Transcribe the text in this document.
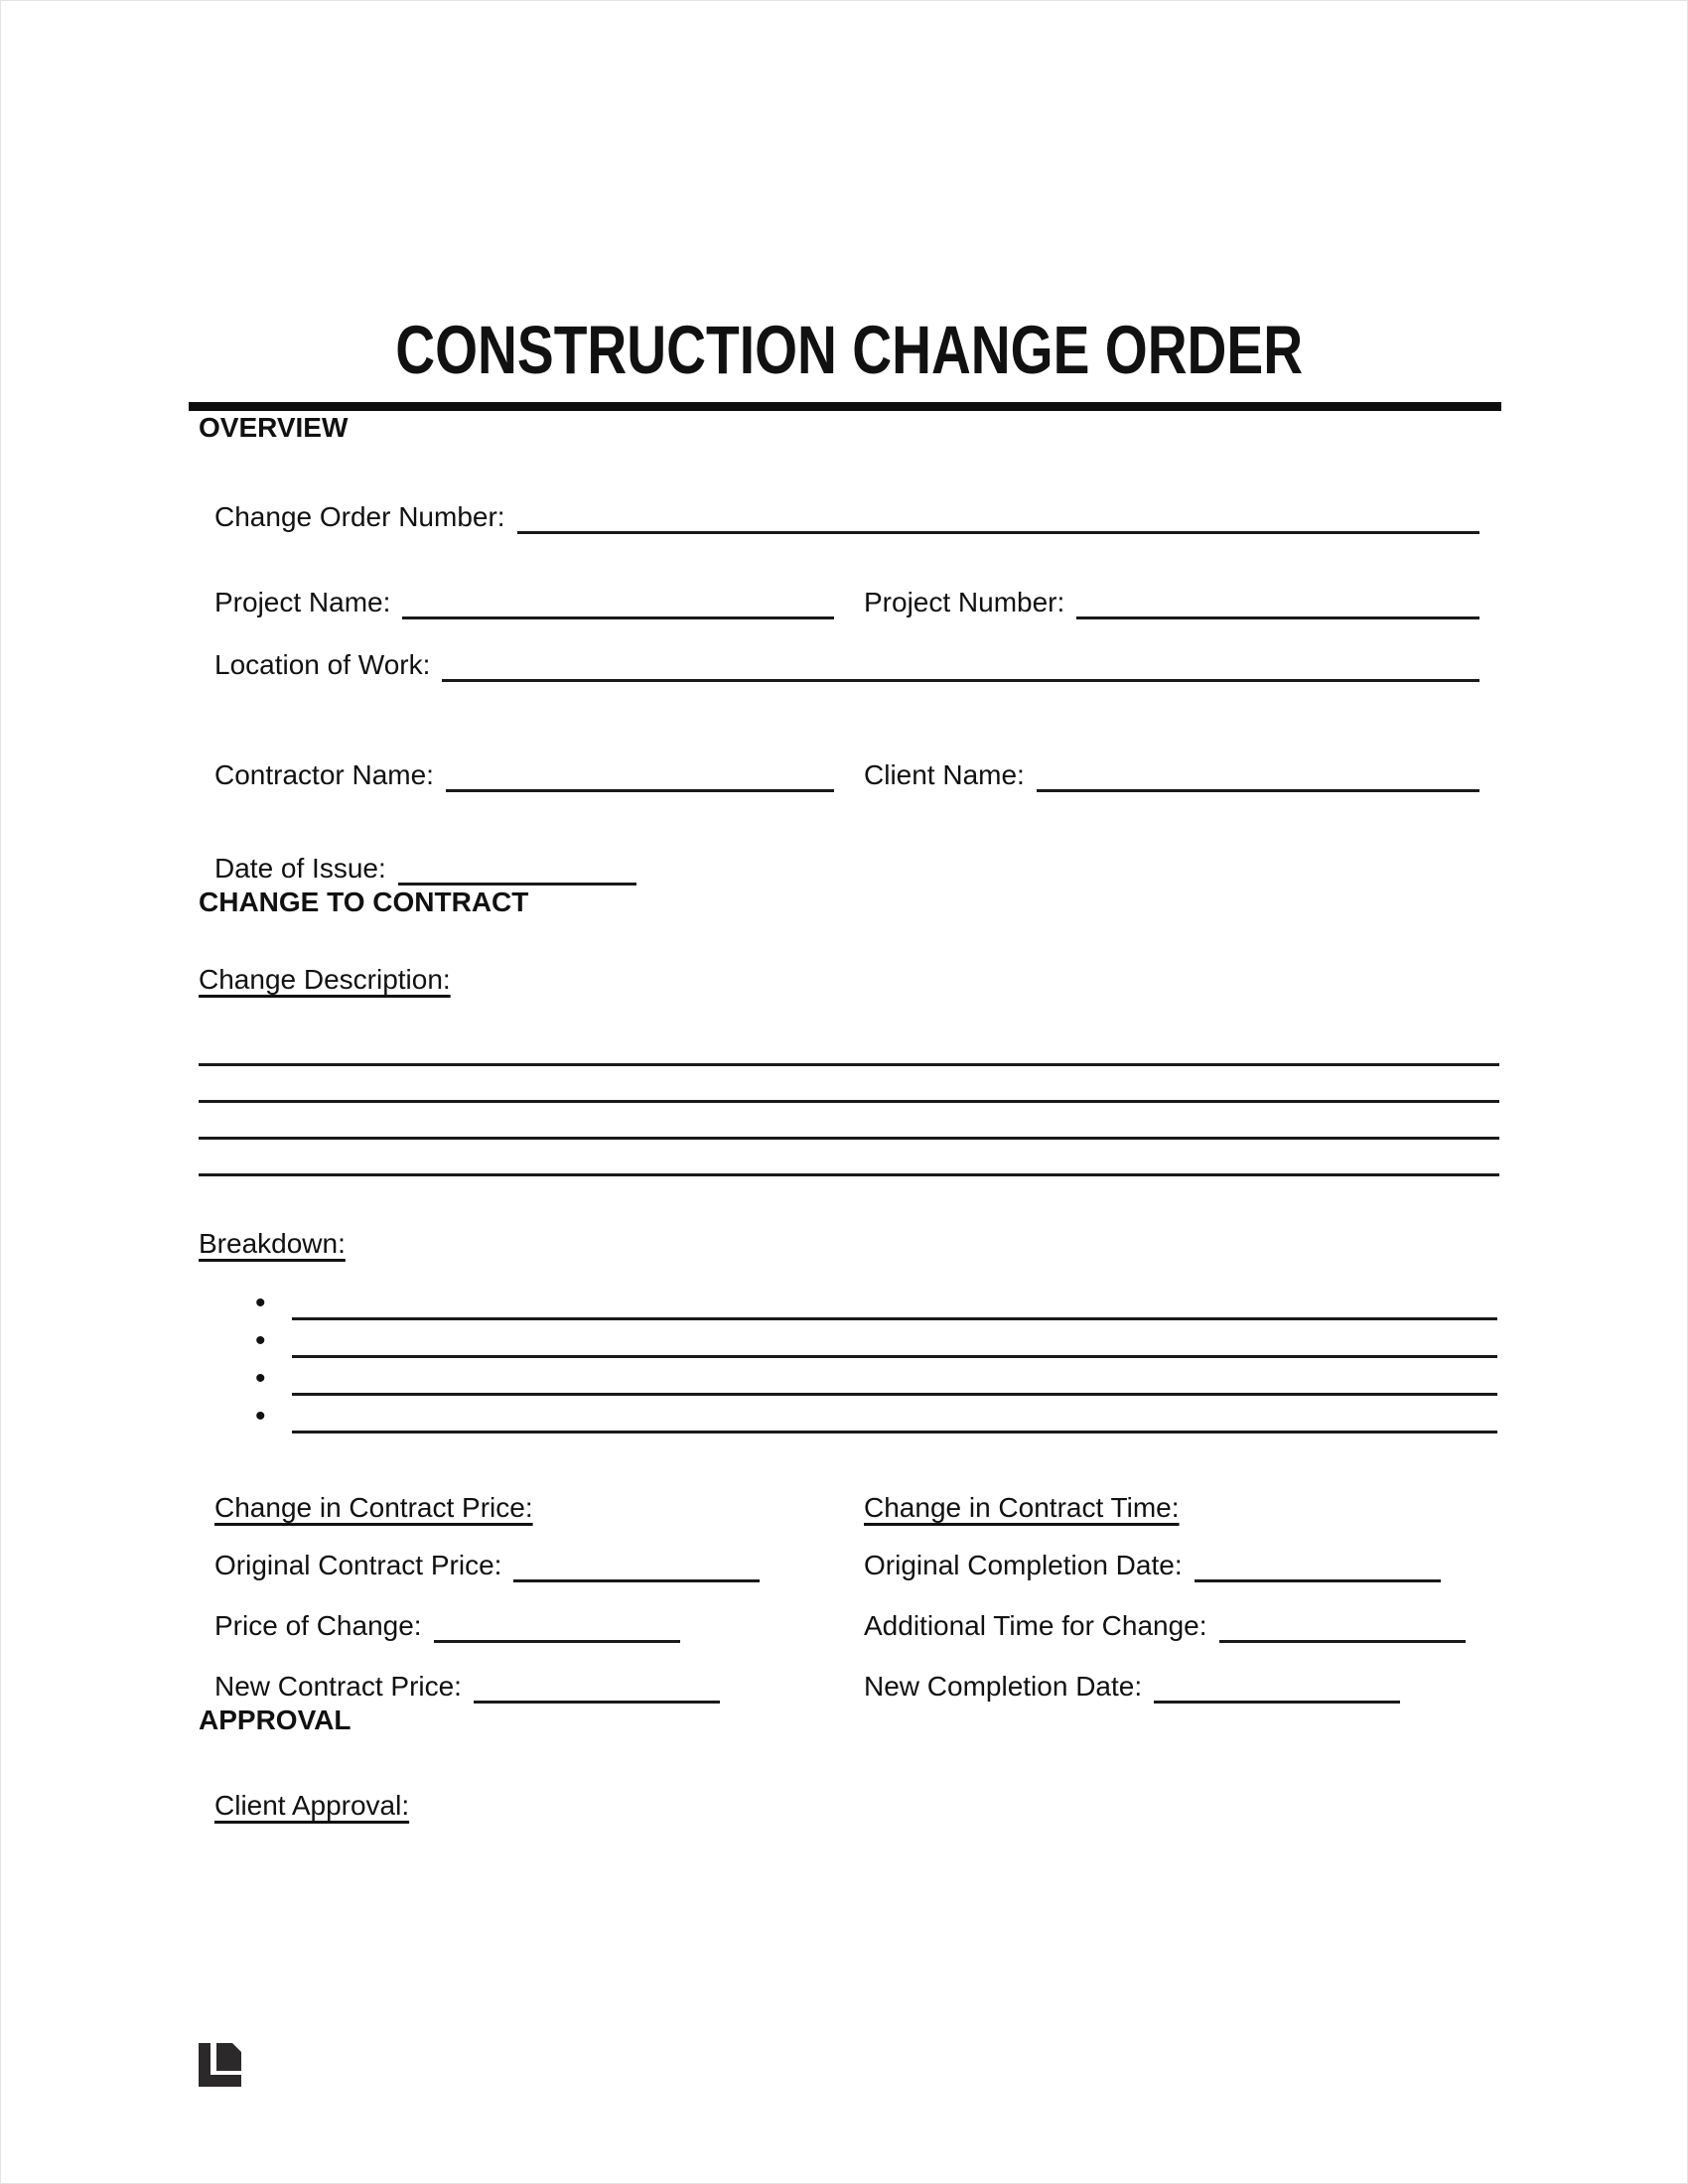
CONSTRUCTION CHANGE ORDER
OVERVIEW
Change Order Number:
Project Name:	Project Number:
Location of Work:
Contractor Name:	Client Name:
Date of Issue:
CHANGE TO CONTRACT
Change Description:
Breakdown:
•
•
•
•
Change in Contract Price:
Original Contract Price:
Price of Change:
New Contract Price:
Change in Contract Time:
Original Completion Date:
Additional Time for Change:
New Completion Date:
APPROVAL
Client Approval:
